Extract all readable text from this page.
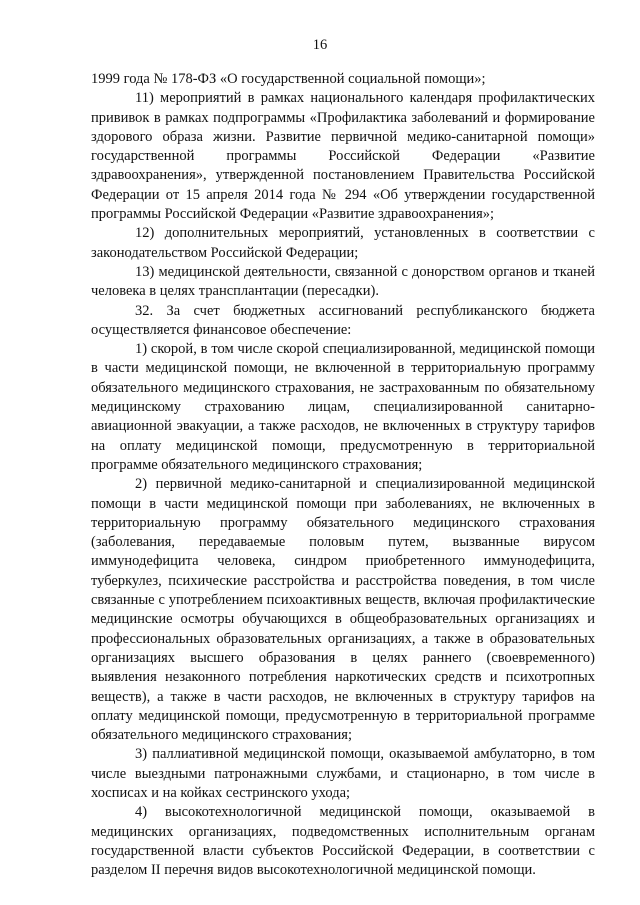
16

1999 года № 178-ФЗ «О государственной социальной помощи»;

11) мероприятий в рамках национального календаря профилактических прививок в рамках подпрограммы «Профилактика заболеваний и формирование здорового образа жизни. Развитие первичной медико-санитарной помощи» государственной программы Российской Федерации «Развитие здравоохранения», утвержденной постановлением Правительства Российской Федерации от 15 апреля 2014 года № 294 «Об утверждении государственной программы Российской Федерации «Развитие здравоохранения»;

12) дополнительных мероприятий, установленных в соответствии с законодательством Российской Федерации;

13) медицинской деятельности, связанной с донорством органов и тканей человека в целях трансплантации (пересадки).

32. За счет бюджетных ассигнований республиканского бюджета осуществляется финансовое обеспечение:

1) скорой, в том числе скорой специализированной, медицинской помощи в части медицинской помощи, не включенной в территориальную программу обязательного медицинского страхования, не застрахованным по обязательному медицинскому страхованию лицам, специализированной санитарно-авиационной эвакуации, а также расходов, не включенных в структуру тарифов на оплату медицинской помощи, предусмотренную в территориальной программе обязательного медицинского страхования;

2) первичной медико-санитарной и специализированной медицинской помощи в части медицинской помощи при заболеваниях, не включенных в территориальную программу обязательного медицинского страхования (заболевания, передаваемые половым путем, вызванные вирусом иммунодефицита человека, синдром приобретенного иммунодефицита, туберкулез, психические расстройства и расстройства поведения, в том числе связанные с употреблением психоактивных веществ, включая профилактические медицинские осмотры обучающихся в общеобразовательных организациях и профессиональных образовательных организациях, а также в образовательных организациях высшего образования в целях раннего (своевременного) выявления незаконного потребления наркотических средств и психотропных веществ), а также в части расходов, не включенных в структуру тарифов на оплату медицинской помощи, предусмотренную в территориальной программе обязательного медицинского страхования;

3) паллиативной медицинской помощи, оказываемой амбулаторно, в том числе выездными патронажными службами, и стационарно, в том числе в хосписах и на койках сестринского ухода;

4) высокотехнологичной медицинской помощи, оказываемой в медицинских организациях, подведомственных исполнительным органам государственной власти субъектов Российской Федерации, в соответствии с разделом II перечня видов высокотехнологичной медицинской помощи.
